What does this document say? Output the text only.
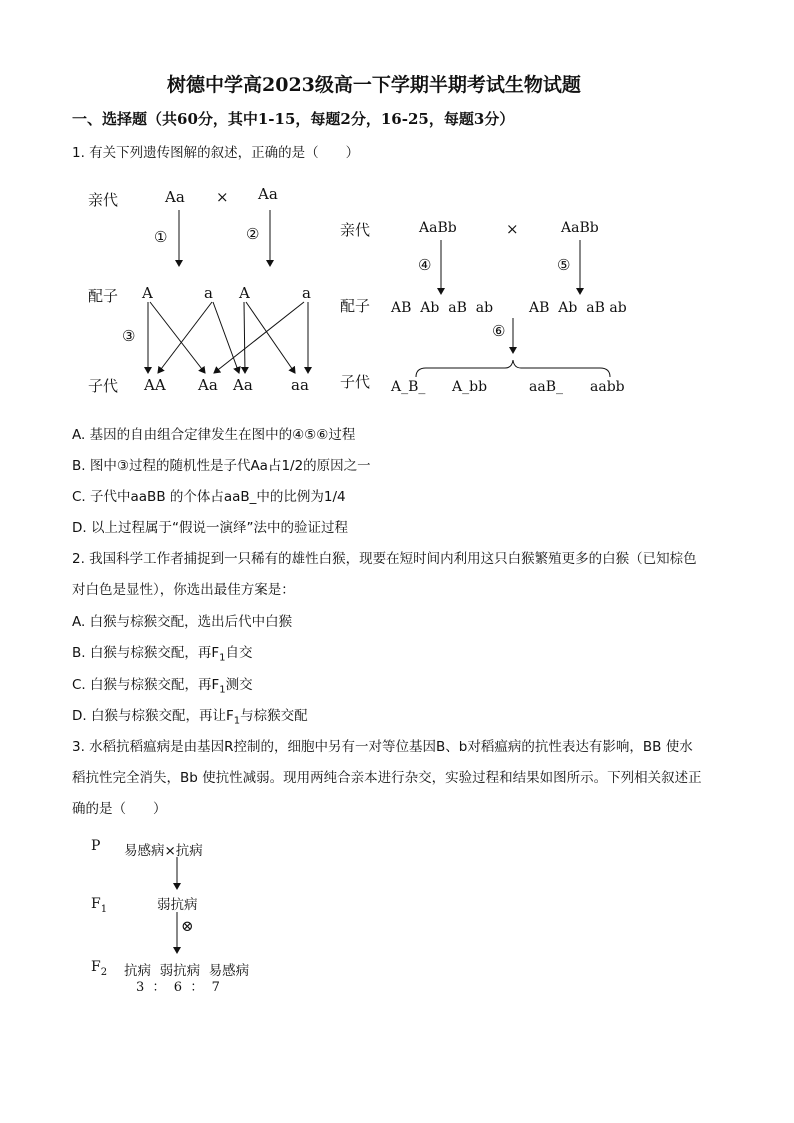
树德中学高2023级高一下学期半期考试生物试题
一、选择题（共60分，其中1-15，每题2分，16-25，每题3分）
1. 有关下列遗传图解的叙述，正确的是（　　）
亲代	Aa × Aa
①	②
③
配子 A	a A	a
子代 AA Aa Aa	aa
亲代	AaBb	×	AaBb
④	⑤
⑥
配子 AB  Ab  aB  ab	AB  Ab  aB ab
子代 A_B_ A_bb	aaB_ aabb
A. 基因的自由组合定律发生在图中的④⑤⑥过程
B. 图中③过程的随机性是子代Aa占1/2的原因之一
C. 子代中aaBB 的个体占aaB_中的比例为1/4
D. 以上过程属于“假说一演绎”法中的验证过程
2. 我国科学工作者捕捉到一只稀有的雄性白猴，现要在短时间内利用这只白猴繁殖更多的白猴（已知棕色
对白色是显性），你选出最佳方案是：
A. 白猴与棕猴交配，选出后代中白猴
B. 白猴与棕猴交配，再$F_1$自交
C. 白猴与棕猴交配，再$F_1$测交
D. 白猴与棕猴交配，再让$F_1$与棕猴交配
3. 水稻抗稻瘟病是由基因R控制的，细胞中另有一对等位基因B、b对稻瘟病的抗性表达有影响，BB 使水
稻抗性完全消失，Bb 使抗性减弱。现用两纯合亲本进行杂交，实验过程和结果如图所示。下列相关叙述正
确的是（　　）
P 易感病×抗病
$F_1$	弱抗病
⊗
$F_2$ 抗病  弱抗病  易感病
3  ：  6  ：  7
